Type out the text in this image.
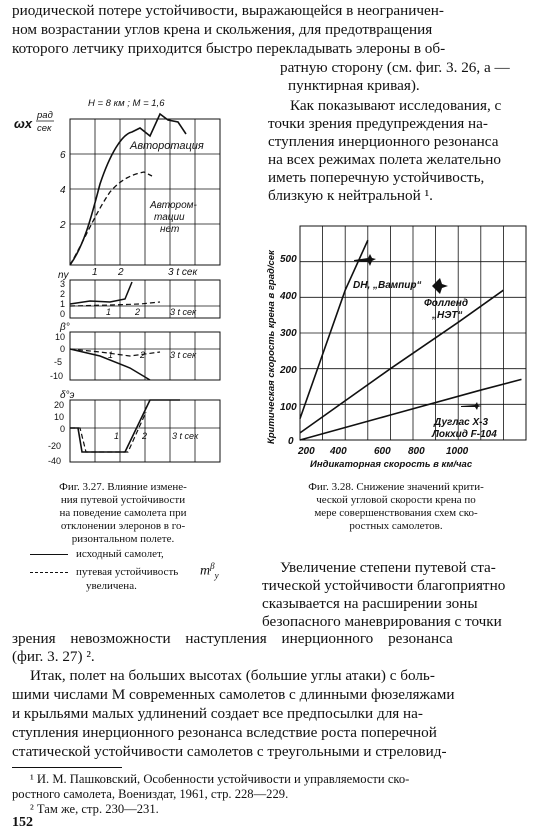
риодической потере устойчивости, выражающейся в неограничен-
ном возрастании углов крена и скольжения, для предотвращения
которого летчику приходится быстро перекладывать элероны в об-
ратную сторону (см. фиг. 3. 26, а —
пунктирная кривая).
Как показывают исследования, с
точки зрения предупреждения на-
ступления инерционного резонанса
на всех режимах полета желательно
иметь поперечную устойчивость,
близкую к нейтральной ¹.
H = 8 км ; M = 1,6
ωx
рад
сек
Авторотация
Автором-
тации
нет
6
4
2
1 2	3 t сек
ny
3
2
1
0	1	2	3 t сек
β°
10
0
-5
-10
1	2	3 t сек
δ°э
20
10
0
-20
-40
1	2	3 t сек
Фиг. 3.27. Влияние измене-
ния путевой устойчивости
на поведение самолета при
отклонении элеронов в го-
ризонтальном полете.
исходный самолет,
путевая устойчивость $m^\beta_y$
увеличена.
Критическая скорость крена в град/сек
Индикаторная скорость в км/час
500
400
300
200
100
0
200 400	600 800 1000
DH, „Вампир“
Фолленд
„НЭТ“
Дуглас X-3
Локхид F-104
Фиг. 3.28. Снижение значений крити-
ческой угловой скорости крена по
мере совершенствования схем ско-
ростных самолетов.
Увеличение степени путевой ста-
тической устойчивости благоприятно
сказывается на расширении зоны
безопасного маневрирования с точки
зрения невозможности наступления инерционного резонанса
(фиг. 3. 27) ².
Итак, полет на больших высотах (большие углы атаки) с боль-
шими числами М современных самолетов с длинными фюзеляжами
и крыльями малых удлинений создает все предпосылки для на-
ступления инерционного резонанса вследствие роста поперечной
статической устойчивости самолетов с треугольными и стреловид-
¹ И. М. Пашковский, Особенности устойчивости и управляемости ско-
ростного самолета, Воениздат, 1961, стр. 228—229.
² Там же, стр. 230—231.
152
